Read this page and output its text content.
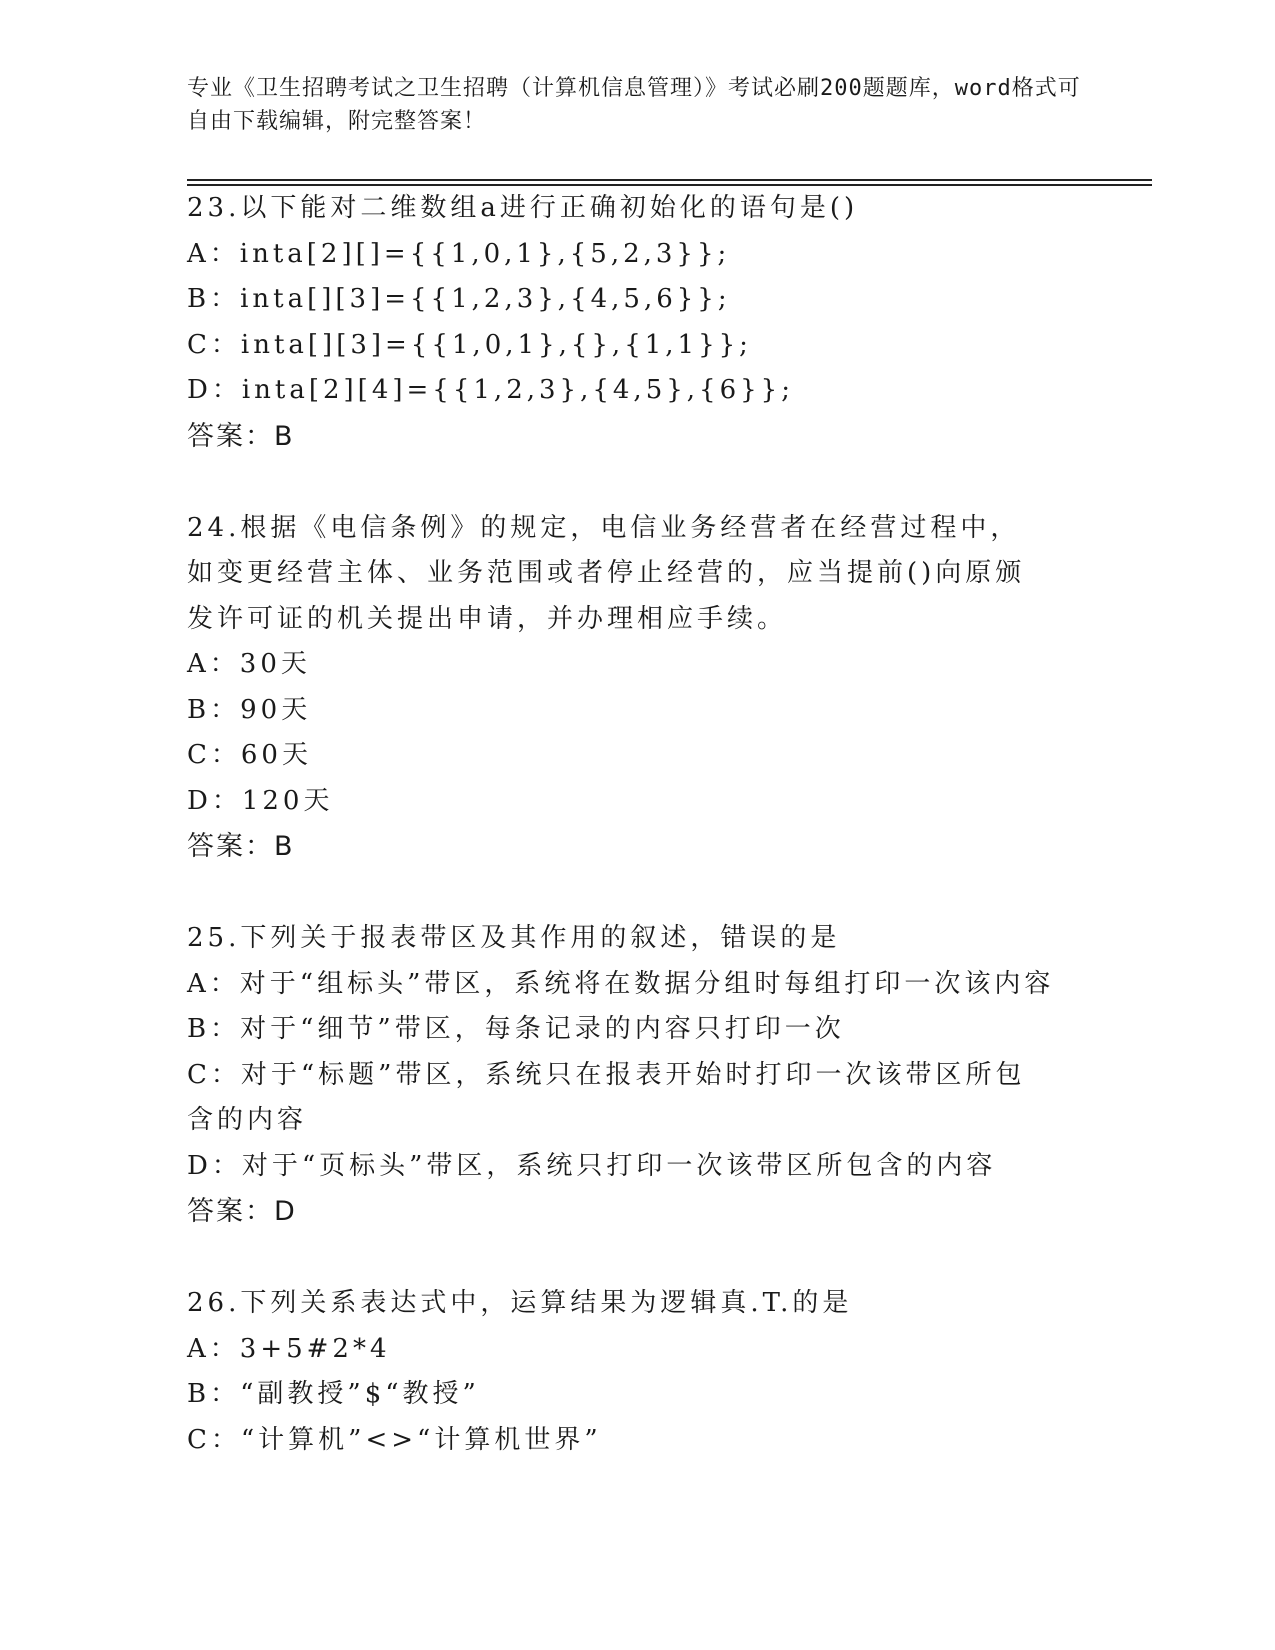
专业《卫生招聘考试之卫生招聘（计算机信息管理）》考试必刷200题题库，word格式可自由下载编辑，附完整答案！
23.以下能对二维数组a进行正确初始化的语句是()
A：inta[2][]={{1,0,1},{5,2,3}};
B：inta[][3]={{1,2,3},{4,5,6}};
C：inta[][3]={{1,0,1},{},{1,1}};
D：inta[2][4]={{1,2,3},{4,5},{6}};
答案：B
24.根据《电信条例》的规定，电信业务经营者在经营过程中，如变更经营主体、业务范围或者停止经营的，应当提前()向原颁发许可证的机关提出申请，并办理相应手续。
A：30天
B：90天
C：60天
D：120天
答案：B
25.下列关于报表带区及其作用的叙述，错误的是
A：对于“组标头”带区，系统将在数据分组时每组打印一次该内容
B：对于“细节”带区，每条记录的内容只打印一次
C：对于“标题”带区，系统只在报表开始时打印一次该带区所包含的内容
D：对于“页标头”带区，系统只打印一次该带区所包含的内容
答案：D
26.下列关系表达式中，运算结果为逻辑真.T.的是
A：3+5#2*4
B：“副教授”$“教授”
C：“计算机”<>“计算机世界”
